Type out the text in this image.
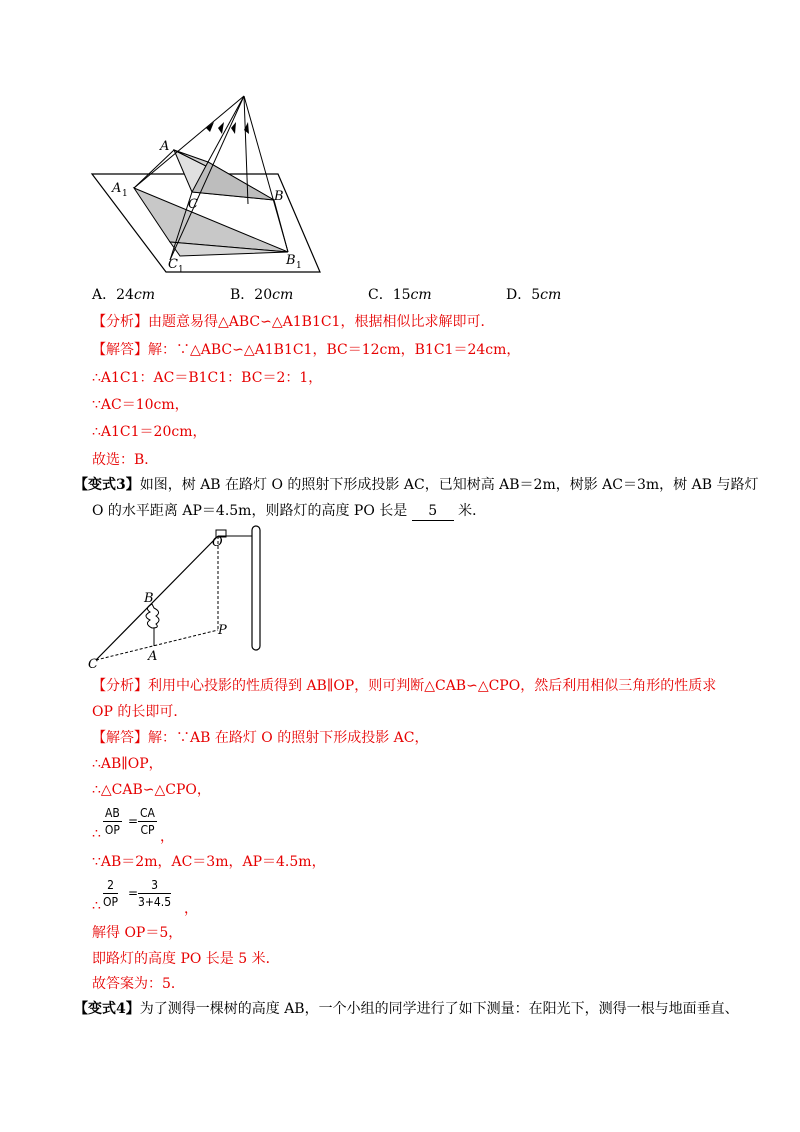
A
A 1	B
C
C 1
B 1
A．24cm	B．20cm	C．15cm	D．5cm
【分析】由题意易得△ABC∽△A1B1C1，根据相似比求解即可．
【解答】解：∵△ABC∽△A1B1C1，BC＝12cm，B1C1＝24cm，
∴A1C1：AC＝B1C1：BC＝2：1，
∵AC＝10cm，
∴A1C1＝20cm，
故选：B．
【变式3】如图，树 AB 在路灯 O 的照射下形成投影 AC，已知树高 AB＝2m，树影 AC＝3m，树 AB 与路灯
O 的水平距离 AP＝4.5m，则路灯的高度 PO 长是 5 米．
O
B
P
A
C
【分析】利用中心投影的性质得到 AB∥OP，则可判断△CAB∽△CPO，然后利用相似三角形的性质求
OP 的长即可．
【解答】解：∵AB 在路灯 O 的照射下形成投影 AC，
∴AB∥OP，
∴△CAB∽△CPO，
∴ $\frac{AB}{OP} = \frac{CA}{CP}$ ，
∵AB＝2m，AC＝3m，AP＝4.5m，
∴ $\frac{2}{OP} = \frac{3}{3+4.5}$ ，
解得 OP＝5，
即路灯的高度 PO 长是 5 米．
故答案为：5．
【变式4】为了测得一棵树的高度 AB，一个小组的同学进行了如下测量：在阳光下，测得一根与地面垂直、
